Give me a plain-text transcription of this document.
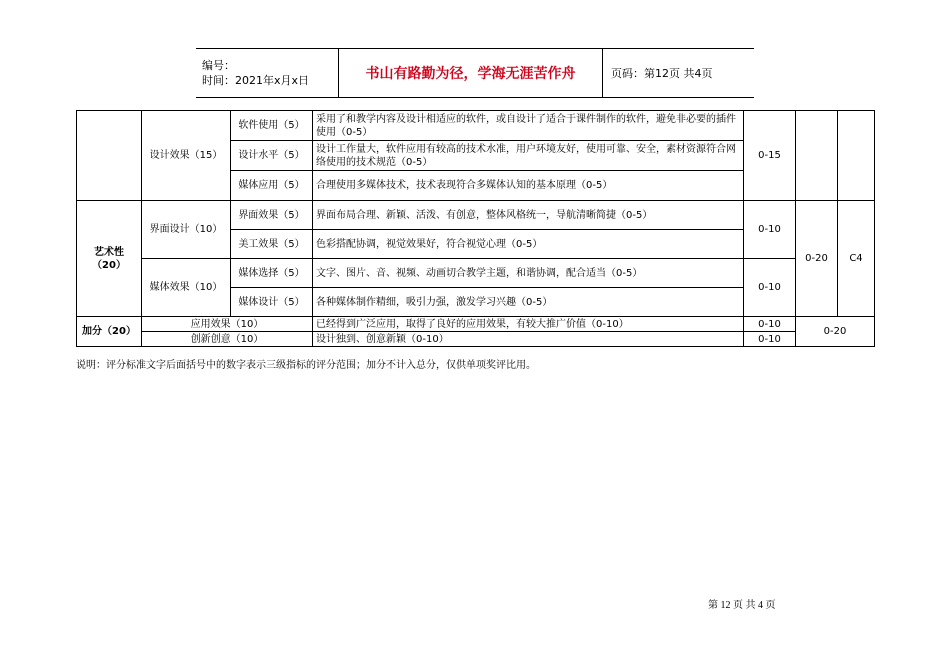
编号：
时间：2021年x月x日	书山有路勤为径，学海无涯苦作舟	页码：第12页 共4页
	设计效果（15）	软件使用（5）	采用了和教学内容及设计相适应的软件，或自设计了适合于课件制作的软件，避免非必要的插件使用（0-5）	0-15		
		设计水平（5）	设计工作量大，软件应用有较高的技术水准，用户环境友好，使用可靠、安全，素材资源符合网络使用的技术规范（0-5）			
		媒体应用（5）	合理使用多媒体技术，技术表现符合多媒体认知的基本原理（0-5）			
艺术性（20）	界面设计（10）	界面效果（5）	界面布局合理、新颖、活泼、有创意，整体风格统一，导航清晰简捷（0-5）	0-10	0-20	C4
		美工效果（5）	色彩搭配协调，视觉效果好，符合视觉心理（0-5）			
	媒体效果（10）	媒体选择（5）	文字、图片、音、视频、动画切合教学主题，和谐协调，配合适当（0-5）	0-10		
		媒体设计（5）	各种媒体制作精细，吸引力强，激发学习兴趣（0-5）			
加分（20）	应用效果（10）		已经得到广泛应用，取得了良好的应用效果，有较大推广价值（0-10）	0-10	0-20	
	创新创意（10）		设计独到、创意新颖（0-10）	0-10		
说明：评分标准文字后面括号中的数字表示三级指标的评分范围；加分不计入总分，仅供单项奖评比用。
第 12 页 共 4 页
